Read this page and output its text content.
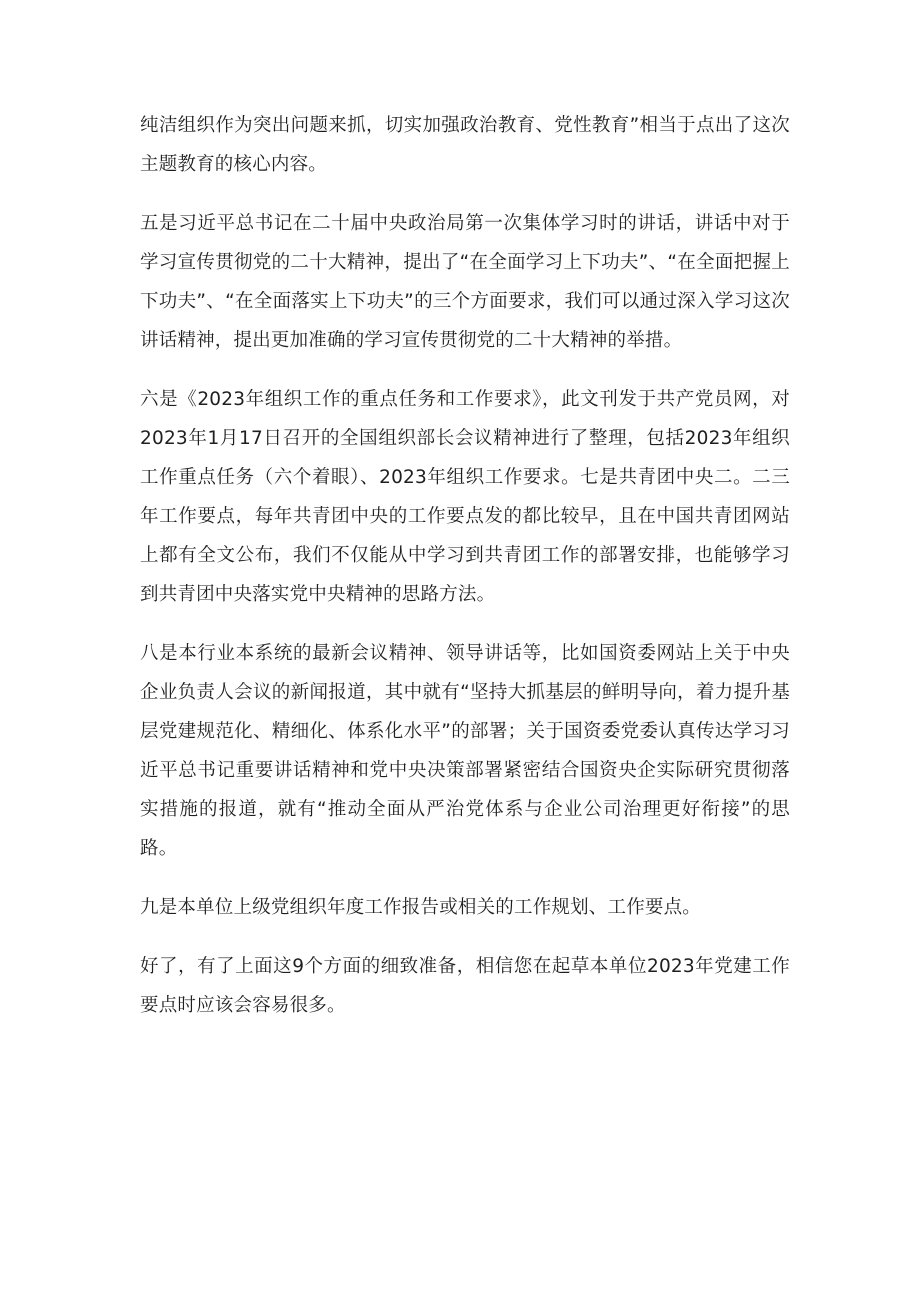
纯洁组织作为突出问题来抓，切实加强政治教育、党性教育”相当于点出了这次主题教育的核心内容。

五是习近平总书记在二十届中央政治局第一次集体学习时的讲话，讲话中对于学习宣传贯彻党的二十大精神，提出了“在全面学习上下功夫”、“在全面把握上下功夫”、“在全面落实上下功夫”的三个方面要求，我们可以通过深入学习这次讲话精神，提出更加准确的学习宣传贯彻党的二十大精神的举措。

六是《2023年组织工作的重点任务和工作要求》，此文刊发于共产党员网，对2023年1月17日召开的全国组织部长会议精神进行了整理，包括2023年组织工作重点任务（六个着眼）、2023年组织工作要求。七是共青团中央二。二三年工作要点，每年共青团中央的工作要点发的都比较早，且在中国共青团网站上都有全文公布，我们不仅能从中学习到共青团工作的部署安排，也能够学习到共青团中央落实党中央精神的思路方法。

八是本行业本系统的最新会议精神、领导讲话等，比如国资委网站上关于中央企业负责人会议的新闻报道，其中就有“坚持大抓基层的鲜明导向，着力提升基层党建规范化、精细化、体系化水平”的部署；关于国资委党委认真传达学习习近平总书记重要讲话精神和党中央决策部署紧密结合国资央企实际研究贯彻落实措施的报道，就有“推动全面从严治党体系与企业公司治理更好衔接”的思路。

九是本单位上级党组织年度工作报告或相关的工作规划、工作要点。

好了，有了上面这9个方面的细致准备，相信您在起草本单位2023年党建工作要点时应该会容易很多。
